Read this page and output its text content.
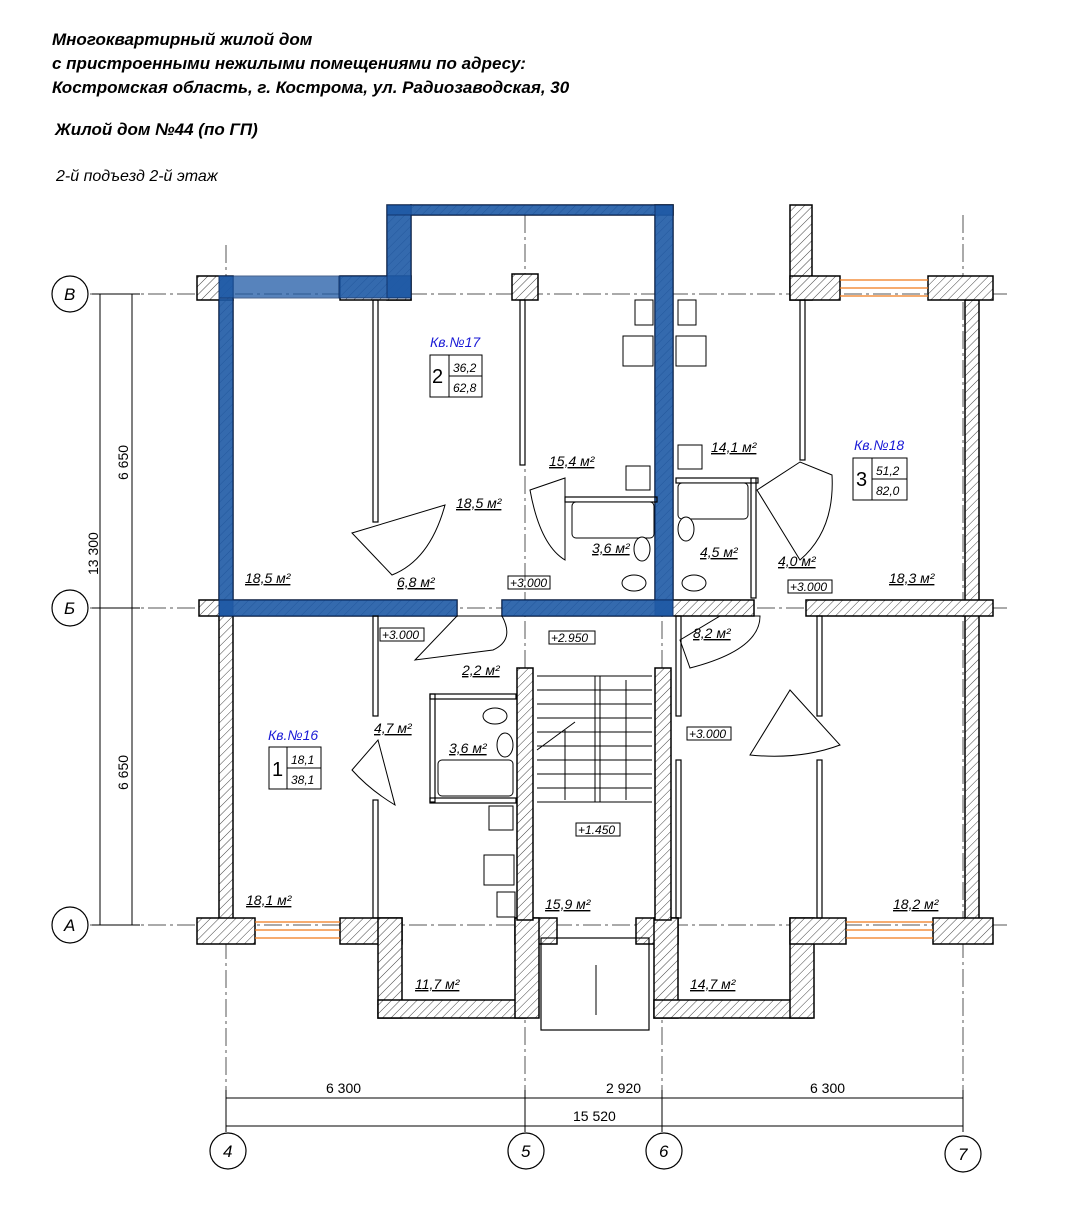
Многоквартирный жилой дом
с пристроенными нежилыми помещениями по адресу:
Костромская область, г. Кострома, ул. Радиозаводская, 30
Жилой дом №44 (по ГП)
2-й подъезд 2-й этаж
Кв.№17
2 36,2
62,8
Кв.№18
3 51,2
82,0
Кв.№16
1 18,1
38,1
15,4 м²
14,1 м²
18,5 м²
3,6 м²	4,5 м²
4,0 м²
18,5 м²	6,8 м²	18,3 м²
8,2 м²
2,2 м²
4,7 м²
3,6 м²
18,1 м²	15,9 м²	18,2 м²
11,7 м²	14,7 м²
+3.000	+3.000
+3.000	+2.950
+3.000
+1.450
13 300
6 650
6 650
6 300	2 920	6 300
15 520
В
Б
А
4	5	6	7
